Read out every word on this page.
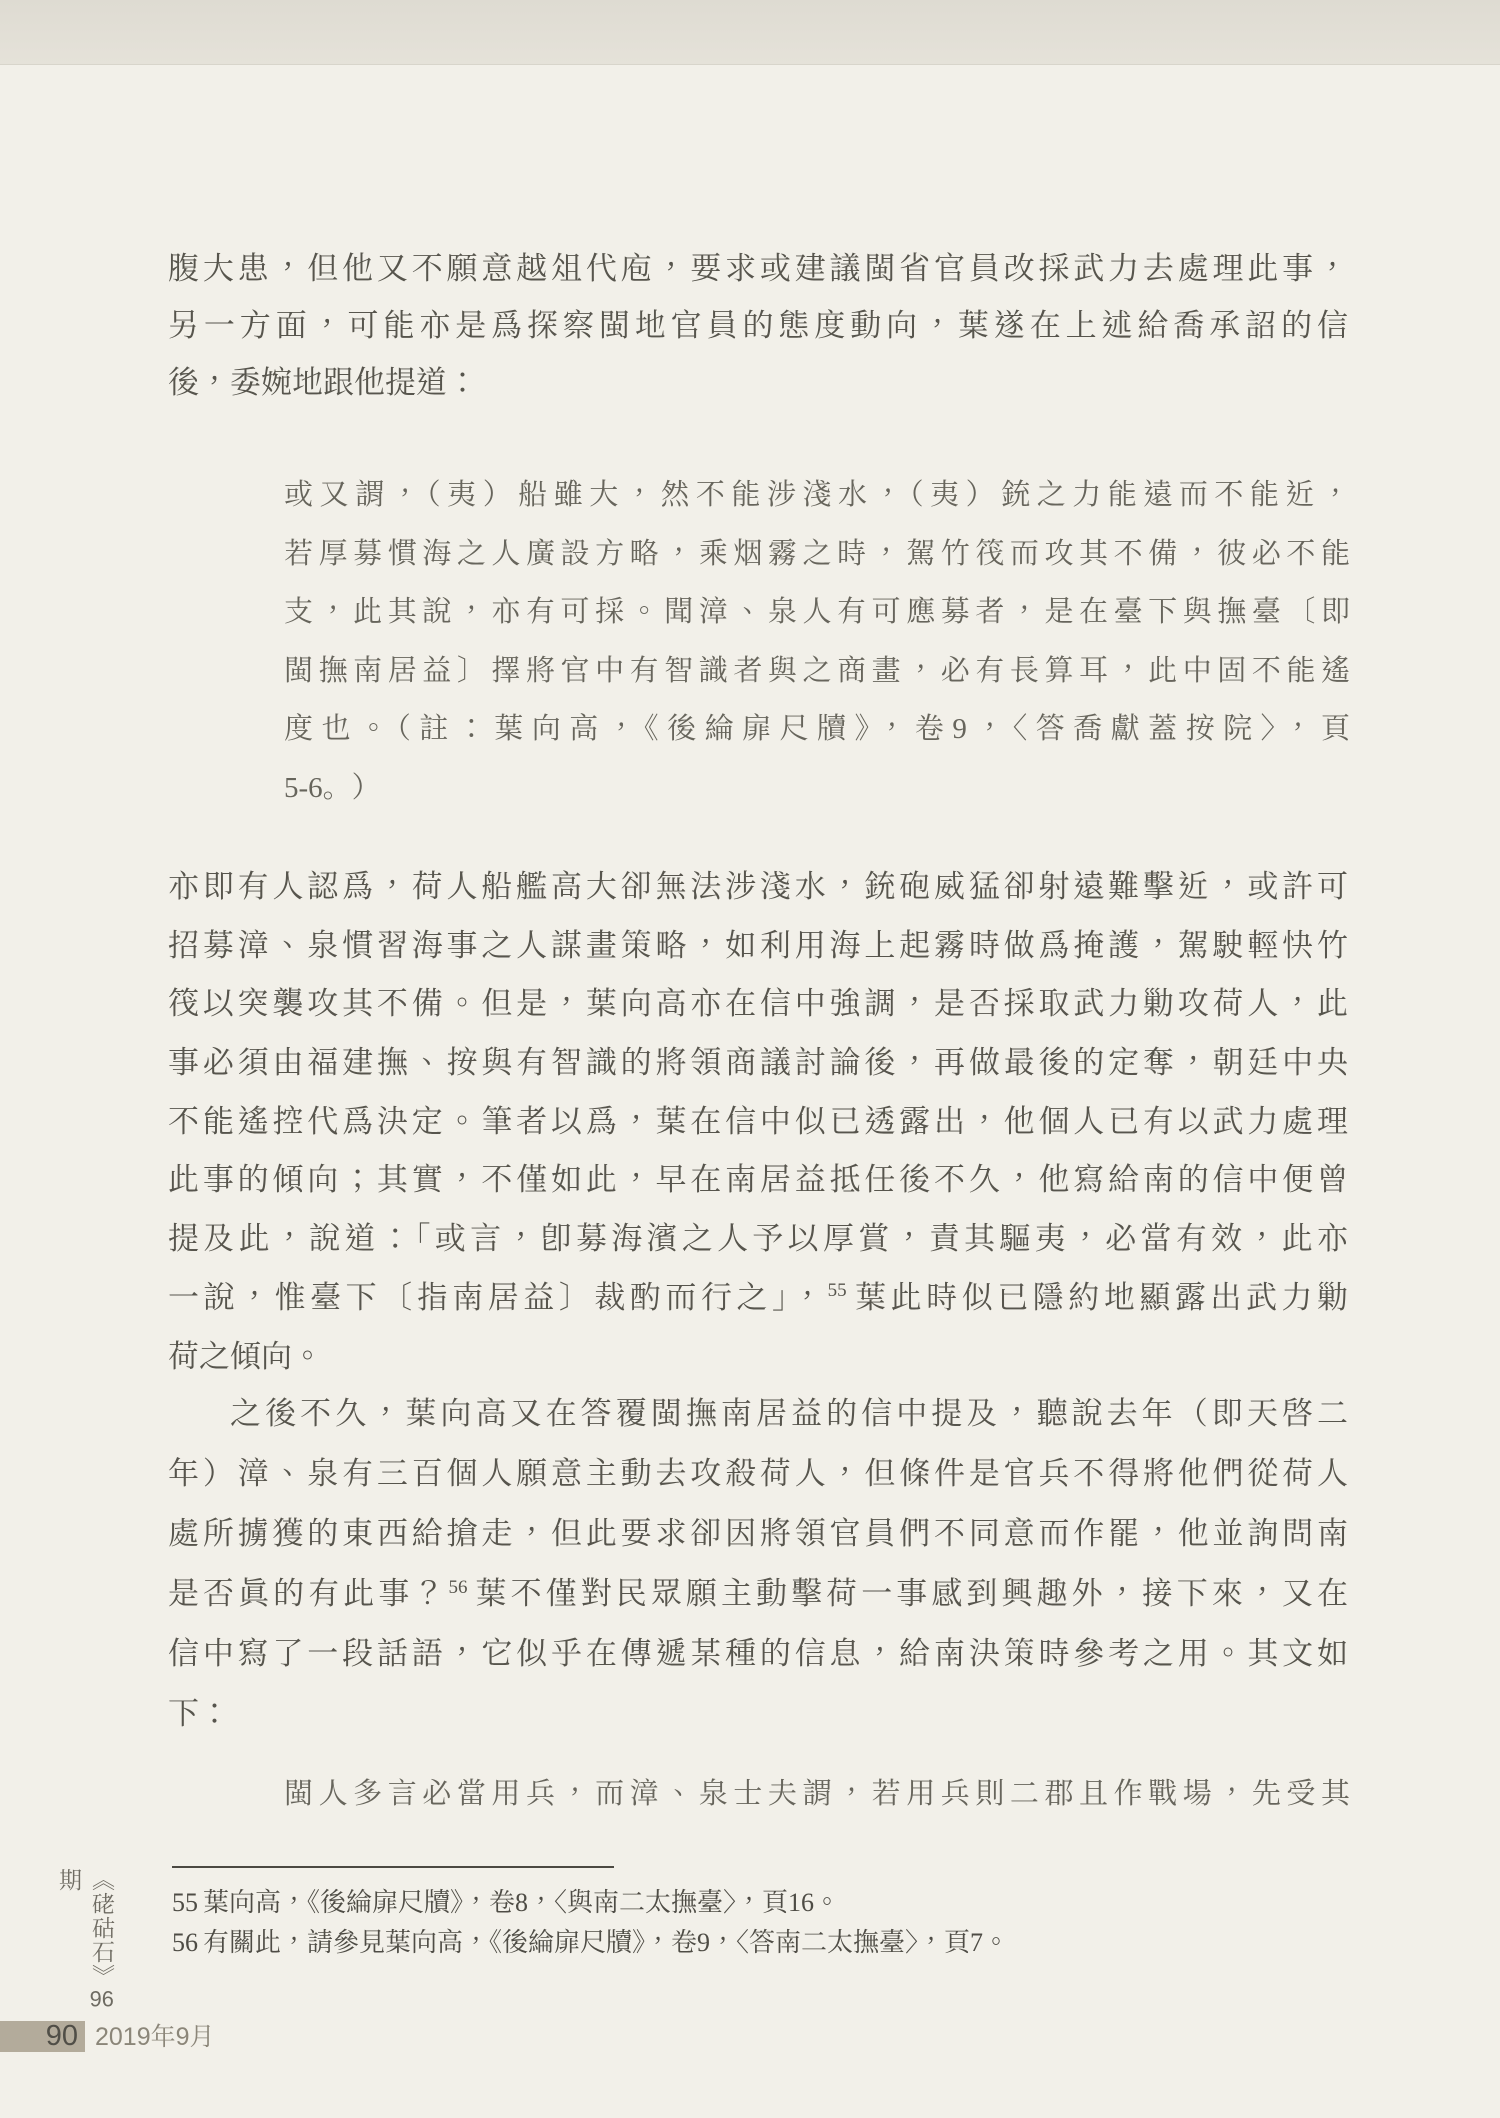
腹大患，但他又不願意越俎代庖，要求或建議閩省官員改採武力去處理此事，
另一方面，可能亦是爲探察閩地官員的態度動向，葉遂在上述給喬承詔的信
後，委婉地跟他提道：
或又謂，（夷）船雖大，然不能涉淺水，（夷）銃之力能遠而不能近，
若厚募慣海之人廣設方略，乘烟霧之時，駕竹筏而攻其不備，彼必不能
支，此其說，亦有可採。聞漳、泉人有可應募者，是在臺下與撫臺〔即
閩撫南居益〕擇將官中有智識者與之商畫，必有長算耳，此中固不能遙
度也。（註：葉向高，《後綸扉尺牘》，卷9，〈答喬獻蓋按院〉，頁
5-6。）
亦即有人認爲，荷人船艦高大卻無法涉淺水，銃砲威猛卻射遠難擊近，或許可
招募漳、泉慣習海事之人謀畫策略，如利用海上起霧時做爲掩護，駕駛輕快竹
筏以突襲攻其不備。但是，葉向高亦在信中強調，是否採取武力勦攻荷人，此
事必須由福建撫、按與有智識的將領商議討論後，再做最後的定奪，朝廷中央
不能遙控代爲決定。筆者以爲，葉在信中似已透露出，他個人已有以武力處理
此事的傾向；其實，不僅如此，早在南居益抵任後不久，他寫給南的信中便曾
提及此，說道：「或言，卽募海濱之人予以厚賞，責其驅夷，必當有效，此亦
一說，惟臺下〔指南居益〕裁酌而行之」，$^{55}$ 葉此時似已隱約地顯露出武力勦
荷之傾向。
之後不久，葉向高又在答覆閩撫南居益的信中提及，聽說去年（即天啓二
年）漳、泉有三百個人願意主動去攻殺荷人，但條件是官兵不得將他們從荷人
處所擄獲的東西給搶走，但此要求卻因將領官員們不同意而作罷，他並詢問南
是否眞的有此事？$^{56}$ 葉不僅對民眾願主動擊荷一事感到興趣外，接下來，又在
信中寫了一段話語，它似乎在傳遞某種的信息，給南決策時參考之用。其文如
下：
閩人多言必當用兵，而漳、泉士夫謂，若用兵則二郡且作戰場，先受其
55 葉向高，《後綸扉尺牘》，卷8，〈與南二太撫臺〉，頁16。
56 有關此，請參見葉向高，《後綸扉尺牘》，卷9，〈答南二太撫臺〉，頁7。
《硓𥑮石》96期
90 2019年9月
